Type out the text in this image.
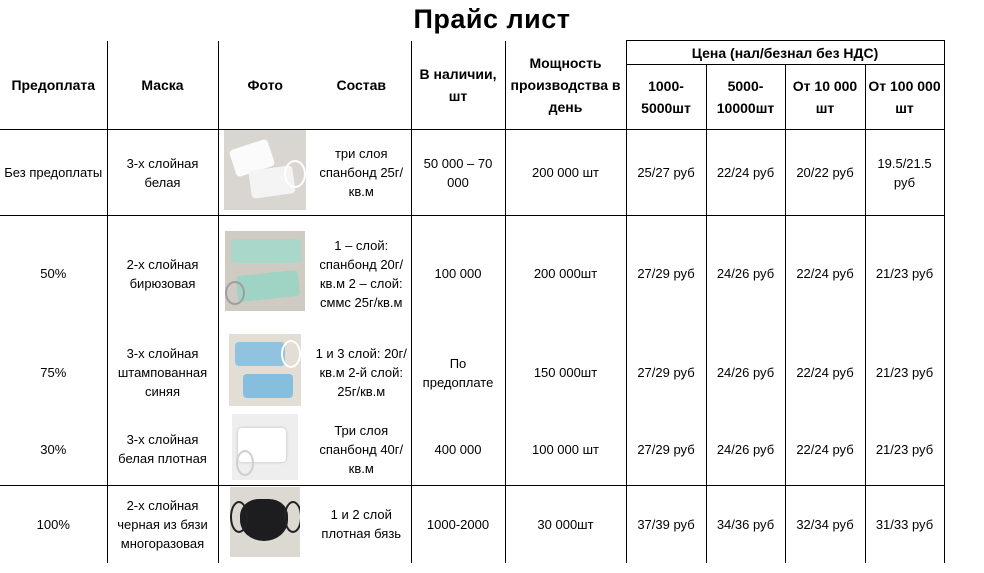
Прайс лист
Предоплата	Маска	Фото	Состав	В наличии, шт	Мощность производства в день	Цена (нал/безнал без НДС)			
						1000-5000шт	5000-10000шт	От 10 000 шт	От 100 000 шт
Без предоплаты	3-х слойная белая		три слоя спанбонд 25г/кв.м	50 000 – 70 000	200 000 шт	25/27 руб	22/24 руб	20/22 руб	19.5/21.5 руб
50%	2-х слойная бирюзовая		1 – слой: спанбонд 20г/кв.м 2 – слой: сммс 25г/кв.м	100 000	200 000шт	27/29 руб	24/26 руб	22/24 руб	21/23 руб
75%	3-х слойная штампованная синяя		1 и 3 слой: 20г/кв.м 2-й слой: 25г/кв.м	По предоплате	150 000шт	27/29 руб	24/26 руб	22/24 руб	21/23 руб
30%	3-х слойная белая плотная		Три слоя спанбонд 40г/кв.м	400 000	100 000 шт	27/29 руб	24/26 руб	22/24 руб	21/23 руб
100%	2-х слойная черная из бязи многоразовая		1 и 2 слой плотная бязь	1000-2000	30 000шт	37/39 руб	34/36 руб	32/34 руб	31/33 руб
